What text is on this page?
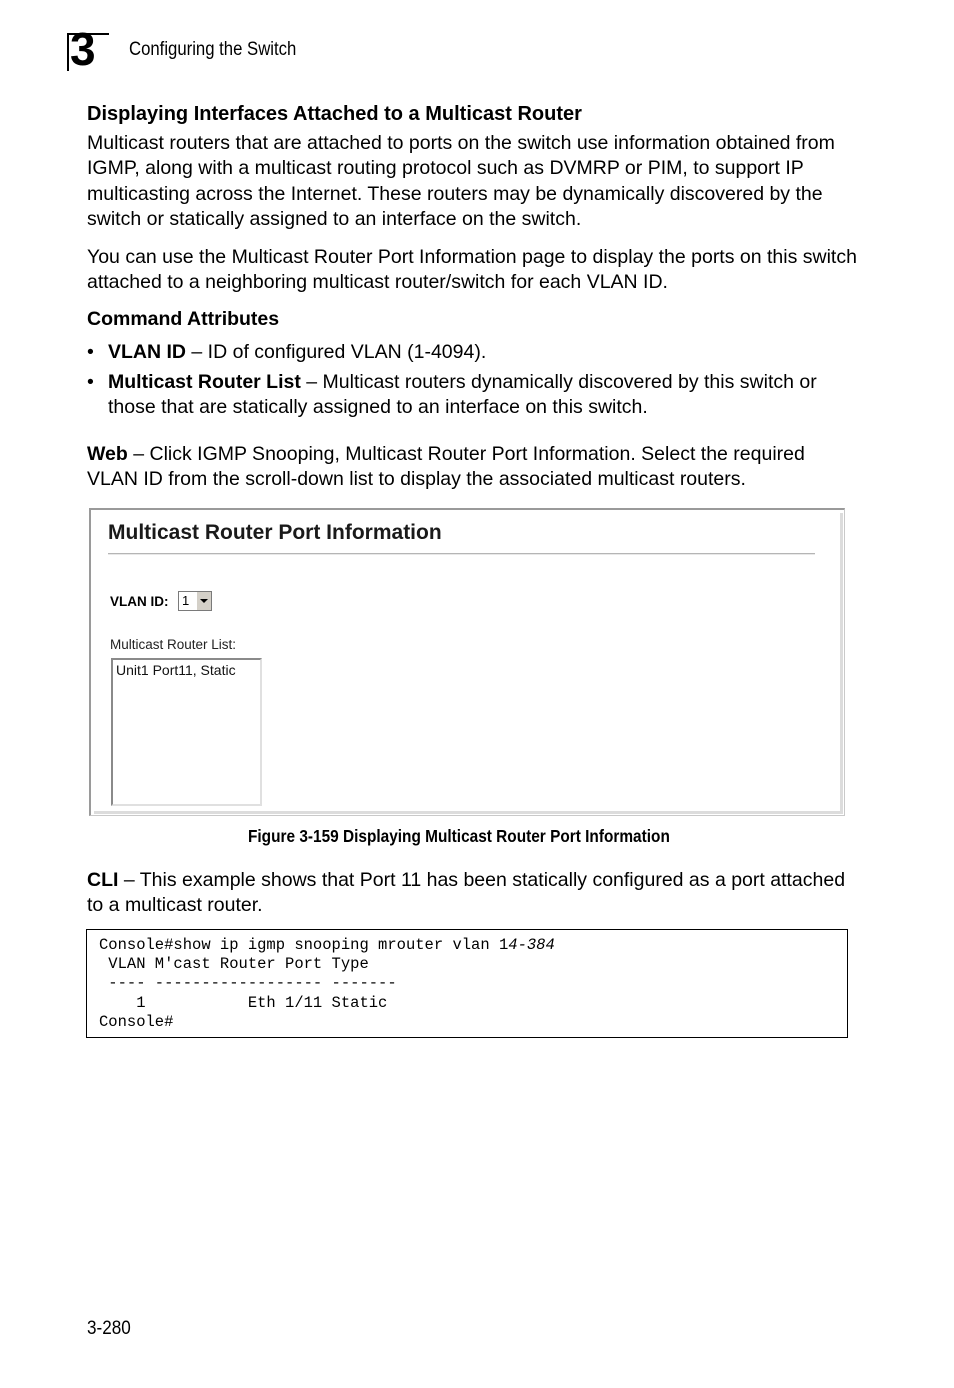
3 Configuring the Switch
Displaying Interfaces Attached to a Multicast Router

Multicast routers that are attached to ports on the switch use information obtained from IGMP, along with a multicast routing protocol such as DVMRP or PIM, to support IP multicasting across the Internet. These routers may be dynamically discovered by the switch or statically assigned to an interface on the switch.

You can use the Multicast Router Port Information page to display the ports on this switch attached to a neighboring multicast router/switch for each VLAN ID.

Command Attributes
• VLAN ID – ID of configured VLAN (1-4094).
• Multicast Router List – Multicast routers dynamically discovered by this switch or those that are statically assigned to an interface on this switch.

Web – Click IGMP Snooping, Multicast Router Port Information. Select the required VLAN ID from the scroll-down list to display the associated multicast routers.

Multicast Router Port Information
VLAN ID: 1
Multicast Router List:
Unit1 Port11, Static
Figure 3-159 Displaying Multicast Router Port Information

CLI – This example shows that Port 11 has been statically configured as a port attached to a multicast router.

Console#show ip igmp snooping mrouter vlan 14-384
VLAN M'cast Router Port Type
---- ------------------ -------
1           Eth 1/11 Static
Console#
3-280
